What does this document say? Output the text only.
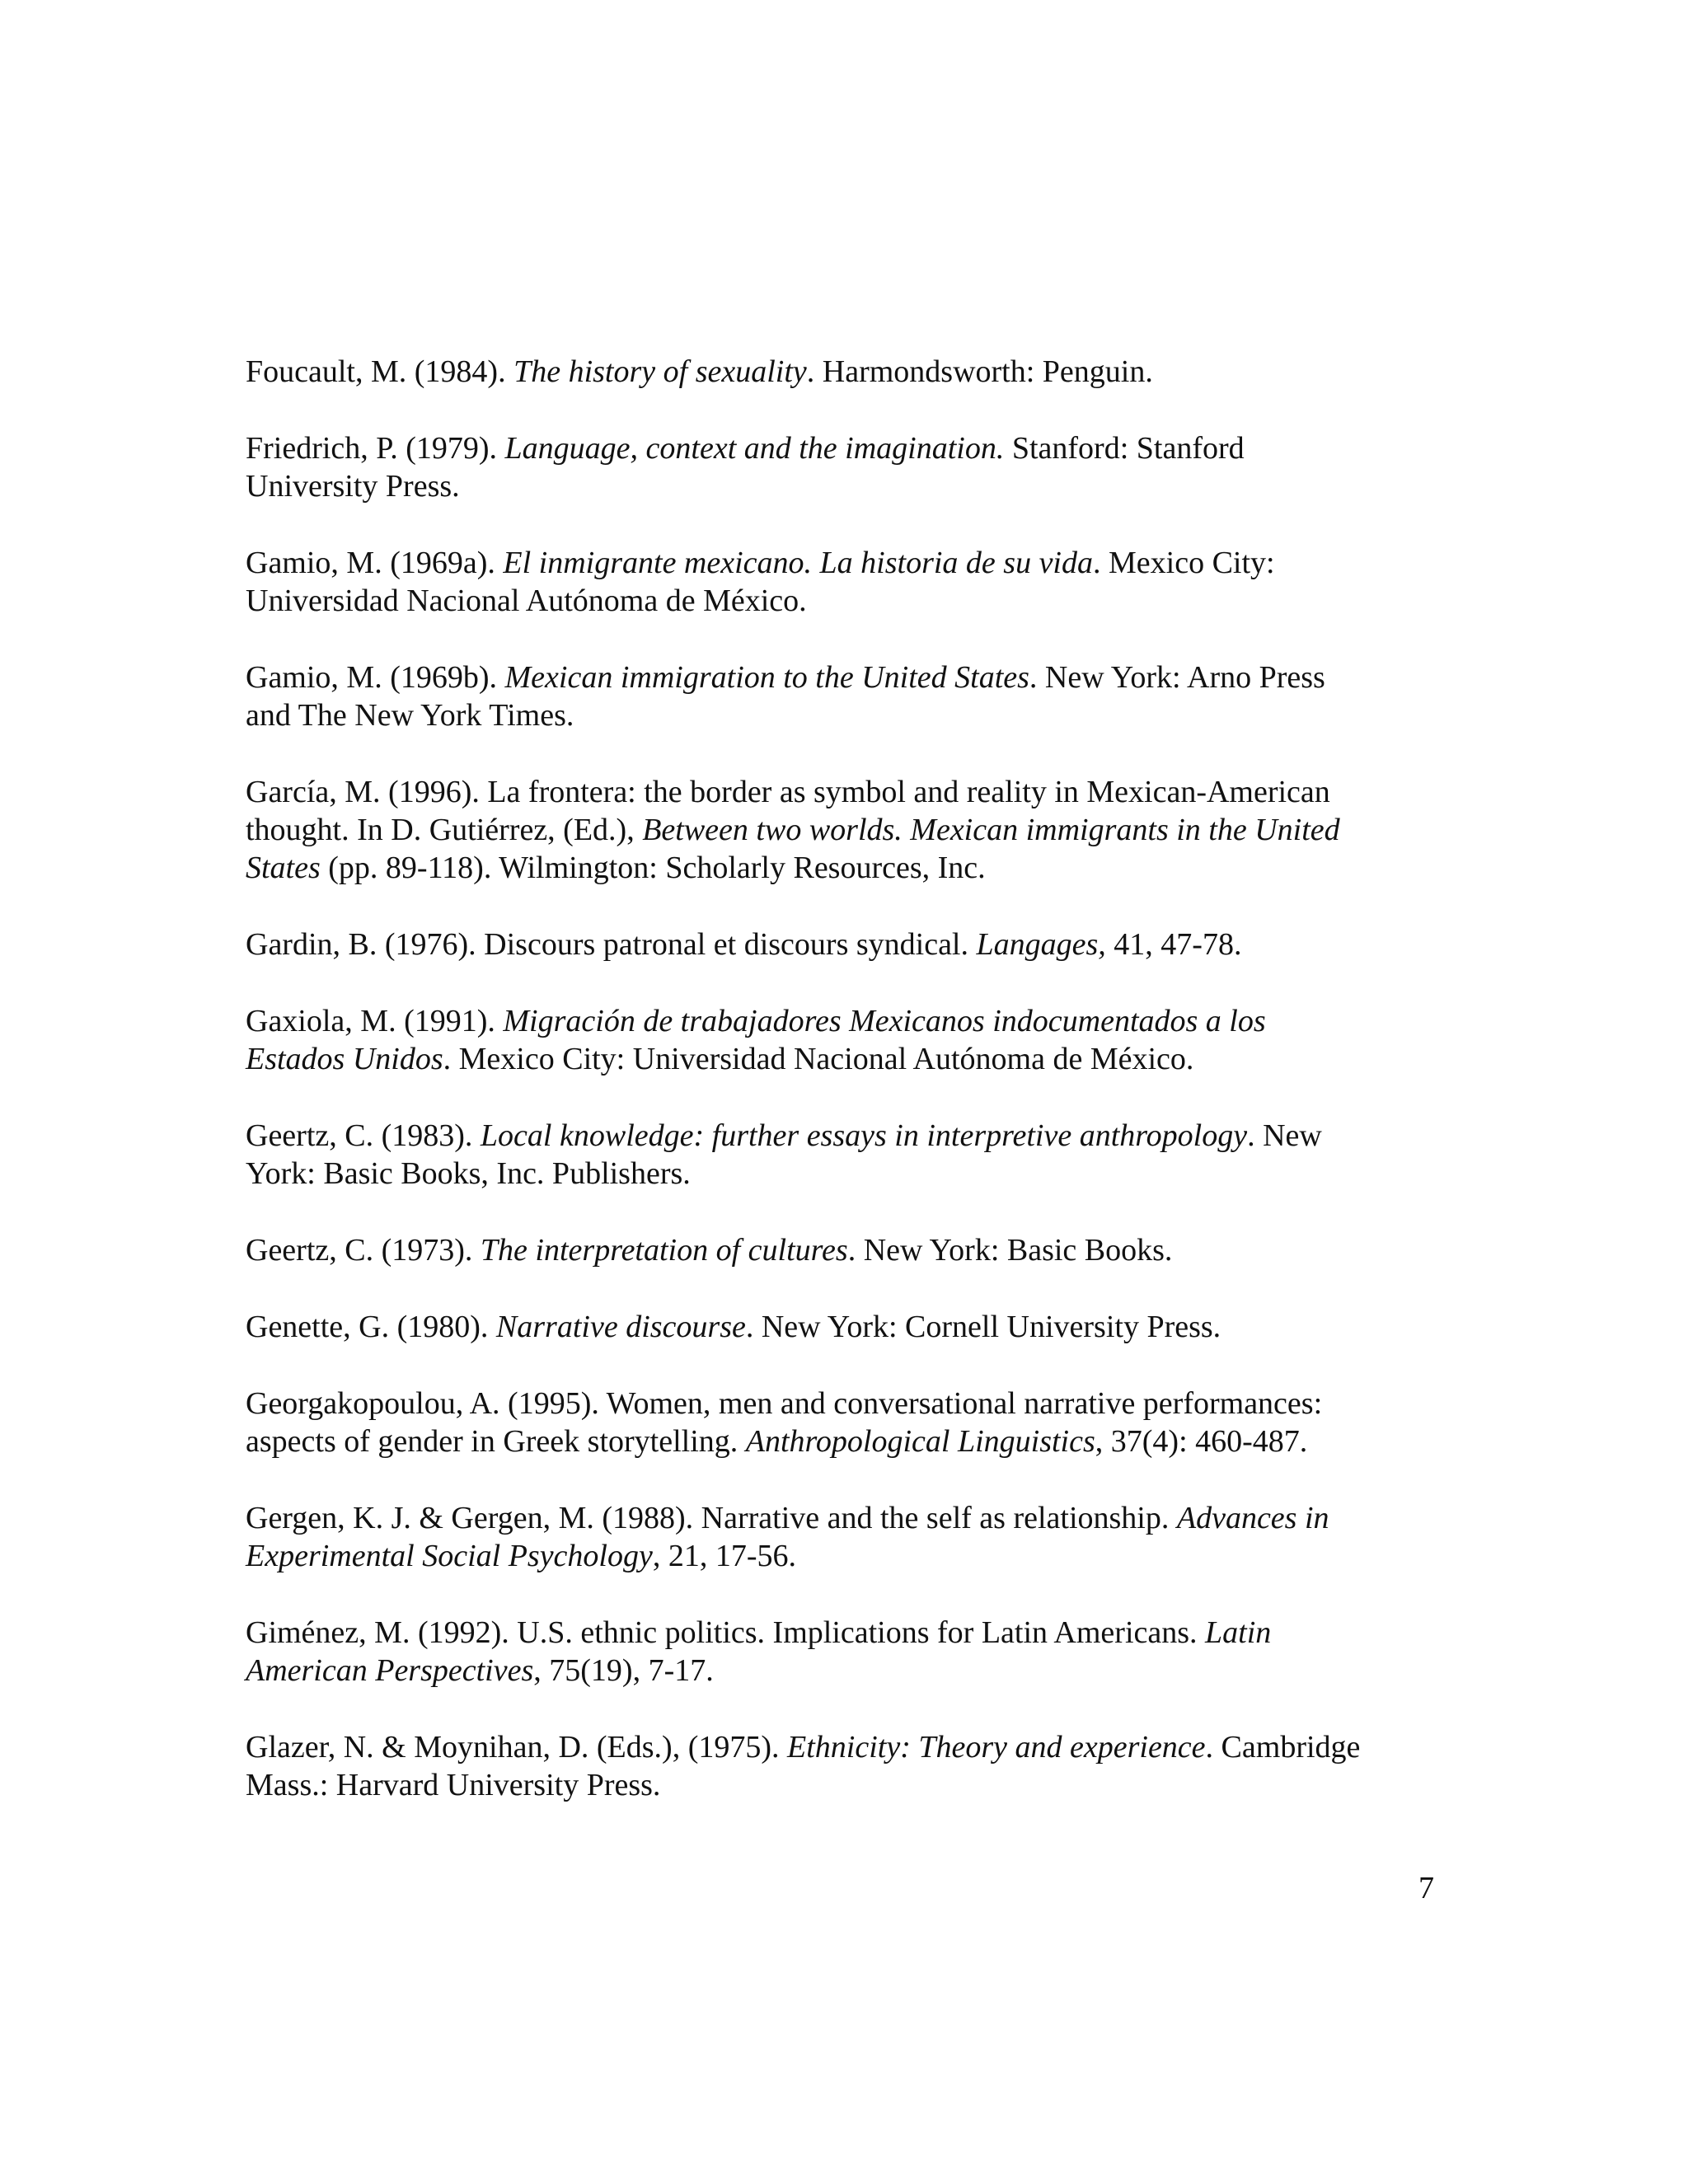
Foucault, M. (1984). The history of sexuality. Harmondsworth: Penguin.

Friedrich, P. (1979). Language, context and the imagination. Stanford: Stanford
University Press.

Gamio, M. (1969a). El inmigrante mexicano. La historia de su vida. Mexico City:
Universidad Nacional Autónoma de México.

Gamio, M. (1969b). Mexican immigration to the United States. New York: Arno Press
and The New York Times.

García, M. (1996). La frontera: the border as symbol and reality in Mexican-American
thought. In D. Gutiérrez, (Ed.), Between two worlds. Mexican immigrants in the United
States (pp. 89-118). Wilmington: Scholarly Resources, Inc.

Gardin, B. (1976). Discours patronal et discours syndical. Langages, 41, 47-78.

Gaxiola, M. (1991). Migración de trabajadores Mexicanos indocumentados a los
Estados Unidos. Mexico City: Universidad Nacional Autónoma de México.

Geertz, C. (1983). Local knowledge: further essays in interpretive anthropology. New
York: Basic Books, Inc. Publishers.

Geertz, C. (1973). The interpretation of cultures. New York: Basic Books.

Genette, G. (1980). Narrative discourse. New York: Cornell University Press.

Georgakopoulou, A. (1995). Women, men and conversational narrative performances:
aspects of gender in Greek storytelling. Anthropological Linguistics, 37(4): 460-487.

Gergen, K. J. & Gergen, M. (1988). Narrative and the self as relationship. Advances in
Experimental Social Psychology, 21, 17-56.

Giménez, M. (1992). U.S. ethnic politics. Implications for Latin Americans. Latin
American Perspectives, 75(19), 7-17.

Glazer, N. & Moynihan, D. (Eds.), (1975). Ethnicity: Theory and experience. Cambridge
Mass.: Harvard University Press.

7
